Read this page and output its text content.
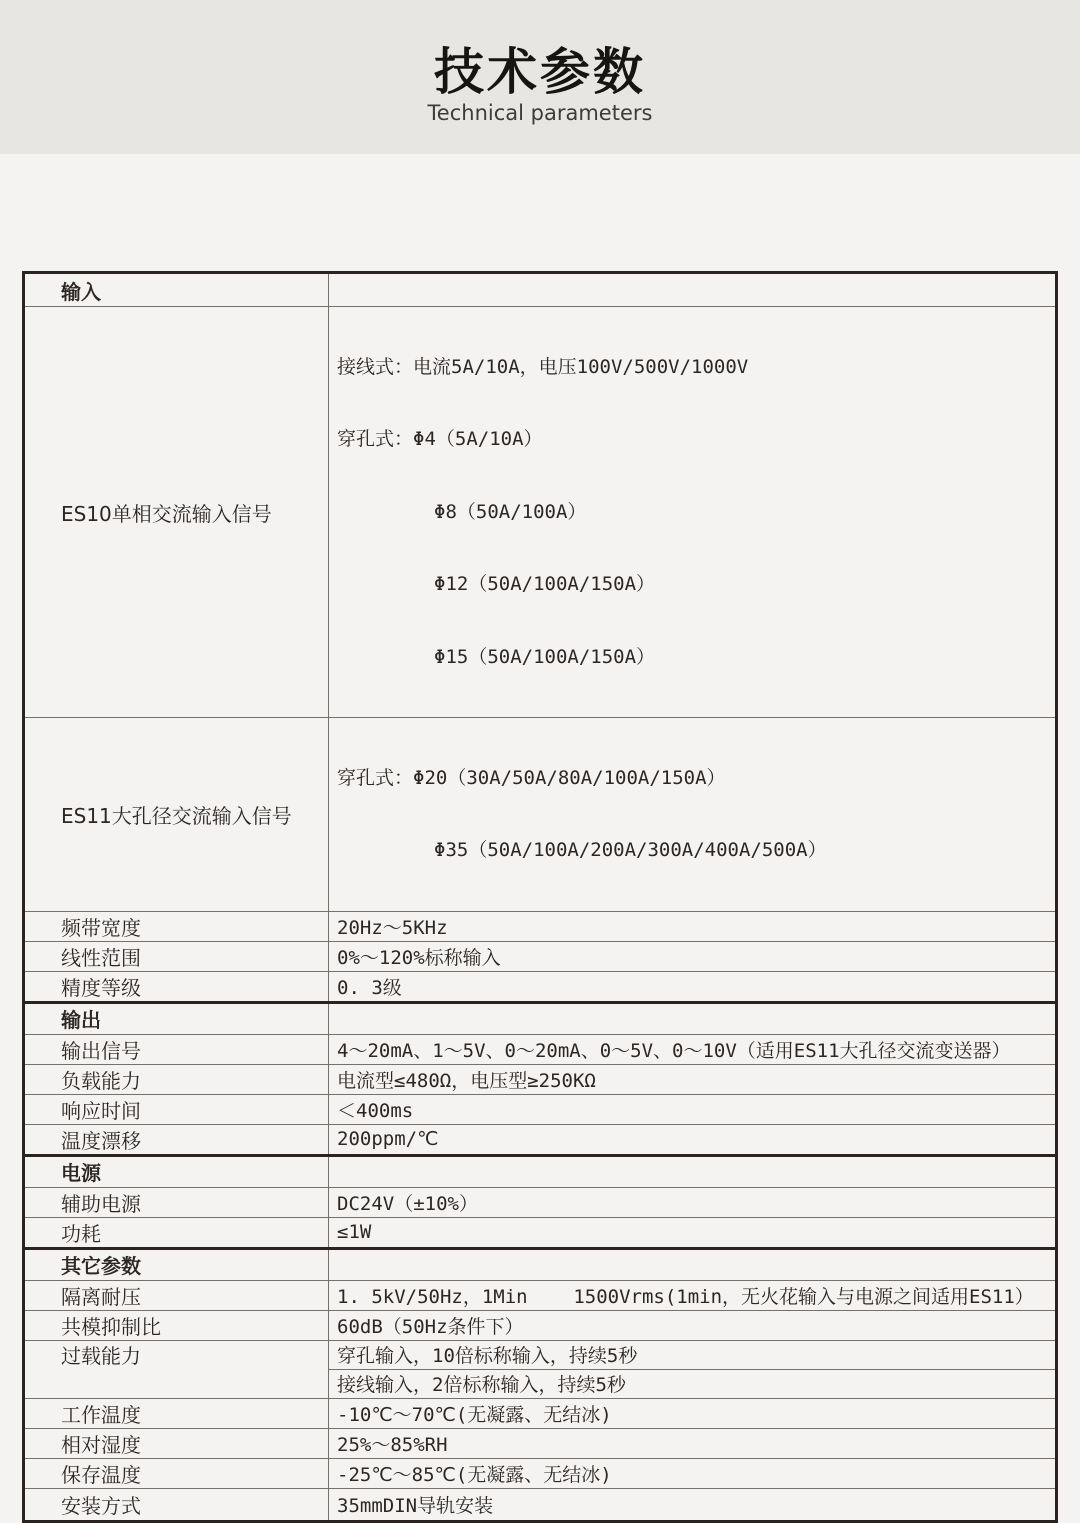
技术参数
Technical parameters
输入	
ES10单相交流输入信号	接线式：电流5A/10A，电压100V/500V/1000V

穿孔式：Φ4（5A/10A）

Φ8（50A/100A）

Φ12（50A/100A/150A）

Φ15（50A/100A/150A）

ES11大孔径交流输入信号	穿孔式：Φ20（30A/50A/80A/100A/150A）

Φ35（50A/100A/200A/300A/400A/500A）

频带宽度	20Hz～5KHz
线性范围	0%～120%标称输入
精度等级	0. 3级
输出	
输出信号	4～20mA、1～5V、0～20mA、0～5V、0～10V（适用ES11大孔径交流变送器）
负载能力	电流型≤480Ω，电压型≥250KΩ
响应时间	＜400ms
温度漂移	200ppm/℃
电源	
辅助电源	DC24V（±10%）
功耗	≤1W
其它参数	
隔离耐压	1. 5kV/50Hz，1Min    1500Vrms(1min，无火花输入与电源之间适用ES11）
共模抑制比	60dB（50Hz条件下）
过载能力	穿孔输入，10倍标称输入，持续5秒
	接线输入，2倍标称输入，持续5秒
工作温度	-10℃～70℃(无凝露、无结冰)
相对湿度	25%～85%RH
保存温度	-25℃～85℃(无凝露、无结冰)
安装方式	35mmDIN导轨安装
